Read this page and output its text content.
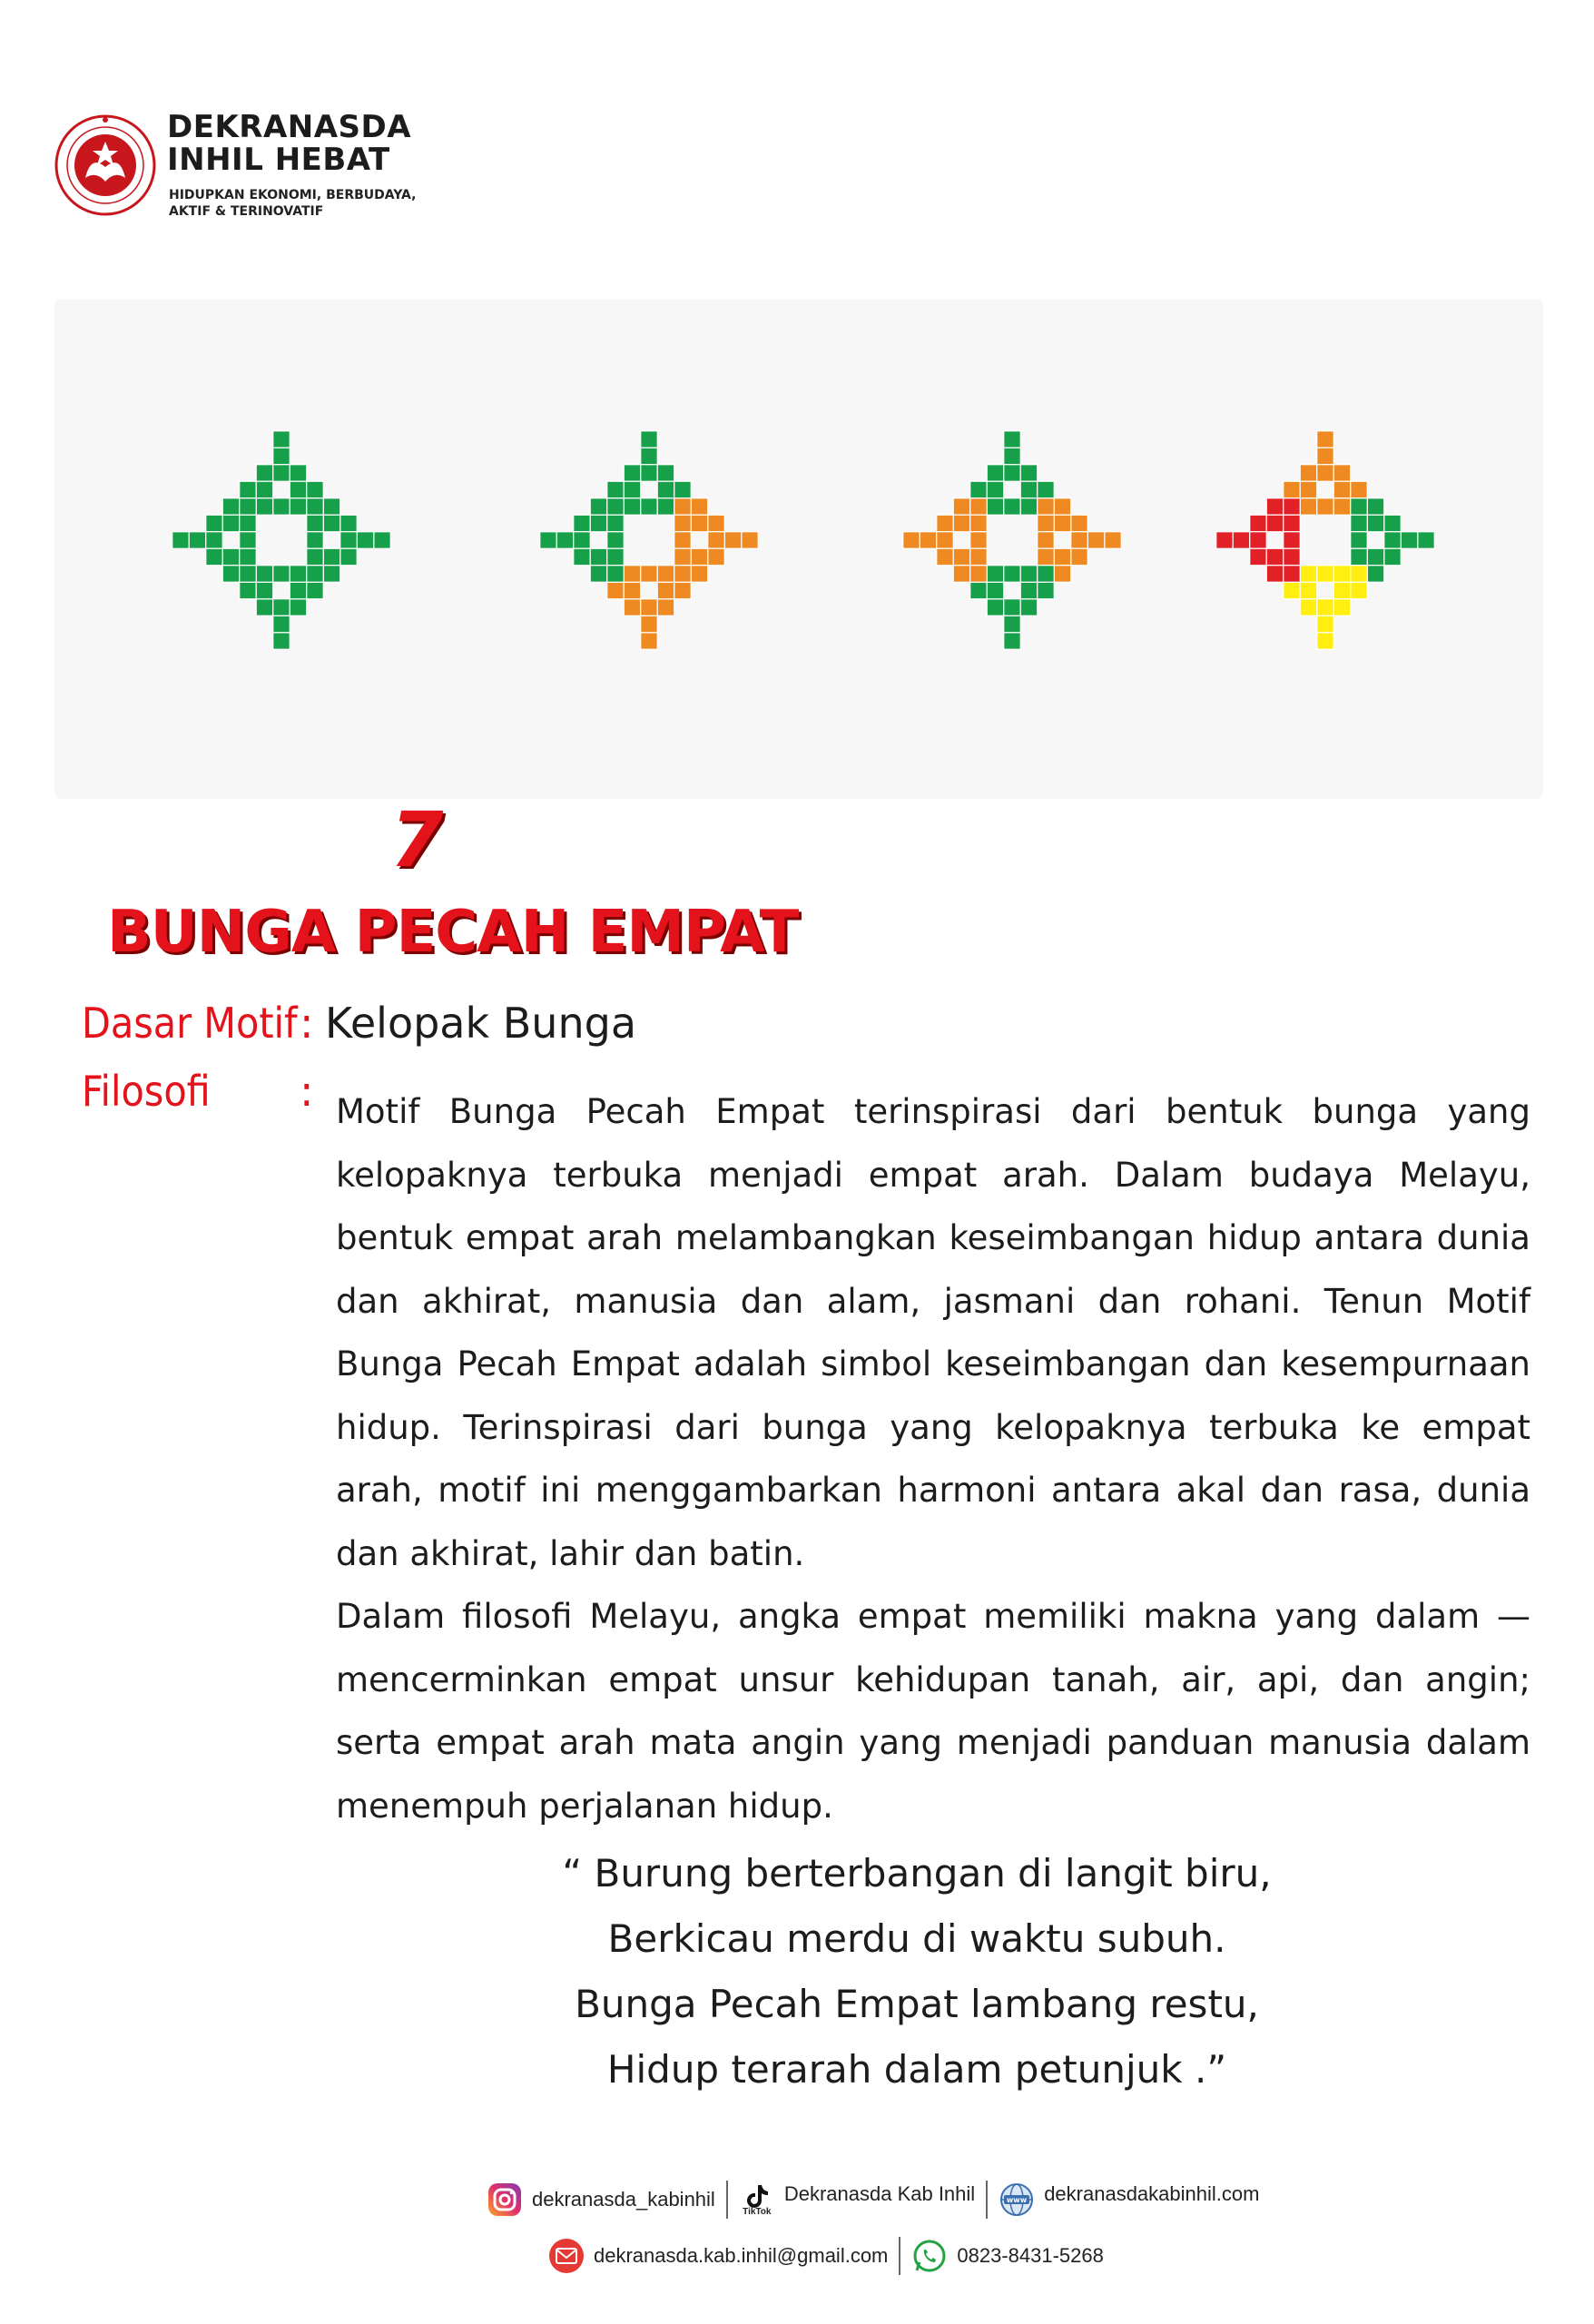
DEKRANASDA
INHIL HEBAT
HIDUPKAN EKONOMI, BERBUDAYA,
AKTIF & TERINOVATIF
7
BUNGA PECAH EMPAT
Dasar Motif : Kelopak Bunga
Filosofi : Motif Bunga Pecah Empat terinspirasi dari bentuk bunga yang kelopaknya terbuka menjadi empat arah. Dalam budaya Melayu, bentuk empat arah melambangkan keseimbangan hidup antara dunia dan akhirat, manusia dan alam, jasmani dan rohani. Tenun Motif Bunga Pecah Empat adalah simbol keseimbangan dan kesempurnaan hidup. Terinspirasi dari bunga yang kelopaknya terbuka ke empat arah, motif ini menggambarkan harmoni antara akal dan rasa, dunia dan akhirat, lahir dan batin.

Dalam filosofi Melayu, angka empat memiliki makna yang dalam — mencerminkan empat unsur kehidupan tanah, air, api, dan angin; serta empat arah mata angin yang menjadi panduan manusia dalam menempuh perjalanan hidup.

“ Burung berterbangan di langit biru,
Berkicau merdu di waktu subuh.
Bunga Pecah Empat lambang restu,
Hidup terarah dalam petunjuk .”
dekranasda_kabinhil
TikTok
Dekranasda Kab Inhil	www dekranasdakabinhil.com
dekranasda.kab.inhil@gmail.com	0823-8431-5268
